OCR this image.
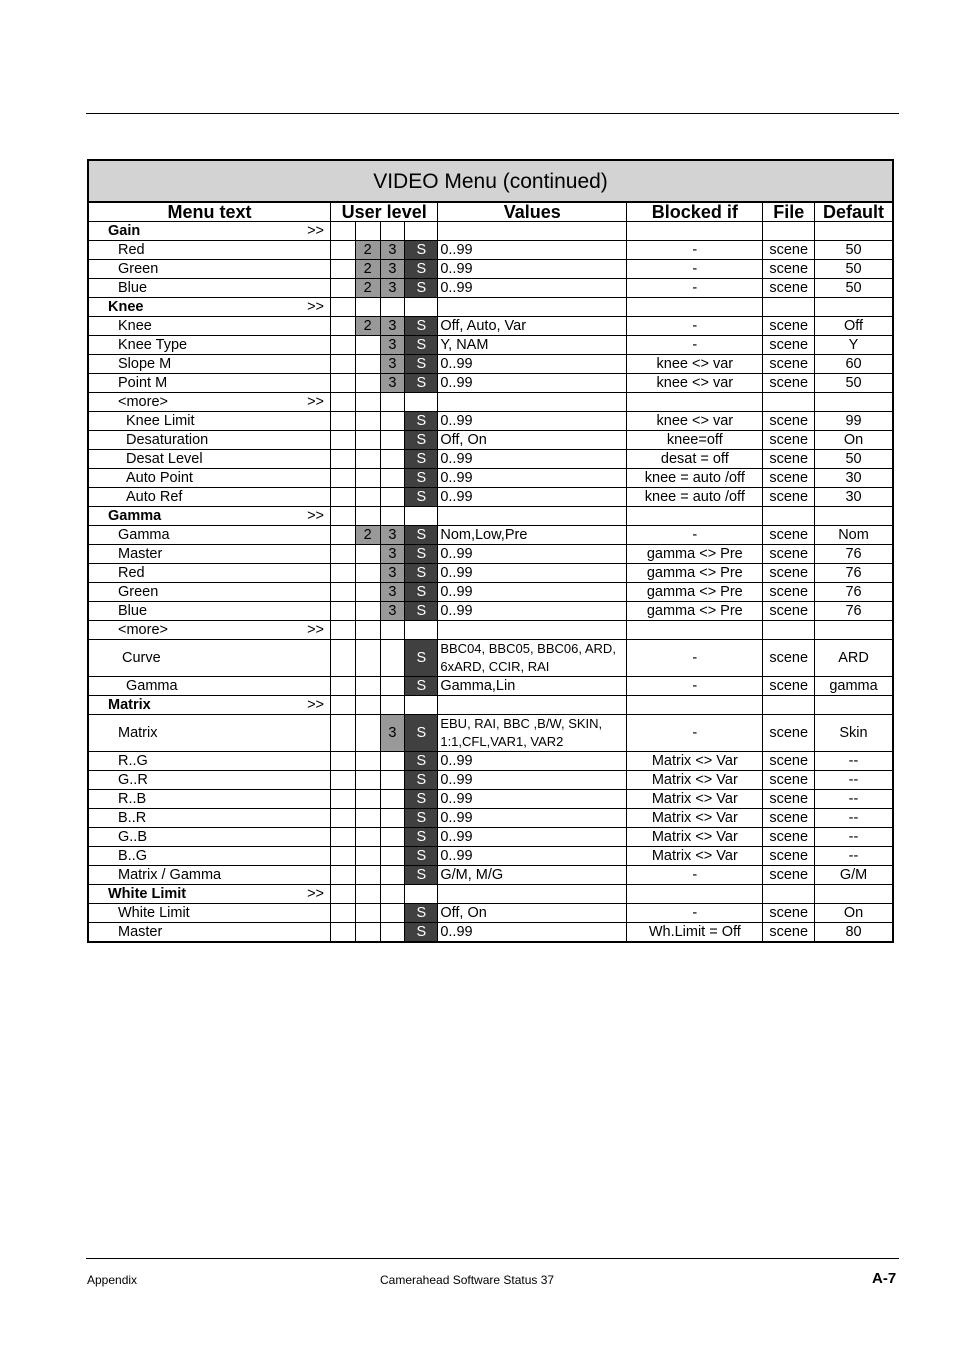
VIDEO Menu (continued)								
Menu text	User level				Values	Blocked if	File	Default

Gain >>								

Red		2	3	S	0..99	-	scene	50

Green		2	3	S	0..99	-	scene	50

Blue		2	3	S	0..99	-	scene	50

Knee >>								

Knee		2	3	S	Off, Auto, Var	-	scene	Off

Knee Type			3	S	Y, NAM	-	scene	Y

Slope M			3	S	0..99	knee <> var	scene	60

Point M			3	S	0..99	knee <> var	scene	50

<more> >>								

Knee Limit				S	0..99	knee <> var	scene	99

Desaturation				S	Off, On	knee=off	scene	On

Desat Level				S	0..99	desat = off	scene	50

Auto Point				S	0..99	knee = auto /off	scene	30

Auto Ref				S	0..99	knee = auto /off	scene	30

Gamma >>								

Gamma		2	3	S	Nom,Low,Pre	-	scene	Nom

Master			3	S	0..99	gamma <> Pre	scene	76

Red			3	S	0..99	gamma <> Pre	scene	76

Green			3	S	0..99	gamma <> Pre	scene	76

Blue			3	S	0..99	gamma <> Pre	scene	76

<more> >>								

Curve				S	BBC04, BBC05, BBC06, ARD, 6xARD, CCIR, RAI	-	scene	ARD

Gamma				S	Gamma,Lin	-	scene	gamma

Matrix >>								

Matrix			3	S	EBU, RAI, BBC ,B/W, SKIN, 1:1,CFL,VAR1, VAR2	-	scene	Skin

R..G				S	0..99	Matrix <> Var	scene	--

G..R				S	0..99	Matrix <> Var	scene	--

R..B				S	0..99	Matrix <> Var	scene	--

B..R				S	0..99	Matrix <> Var	scene	--

G..B				S	0..99	Matrix <> Var	scene	--

B..G				S	0..99	Matrix <> Var	scene	--

Matrix / Gamma				S	G/M, M/G	-	scene	G/M

White Limit >>								

White Limit				S	Off, On	-	scene	On

Master				S	0..99	Wh.Limit = Off	scene	80
Appendix	Camerahead Software Status 37	A-7
